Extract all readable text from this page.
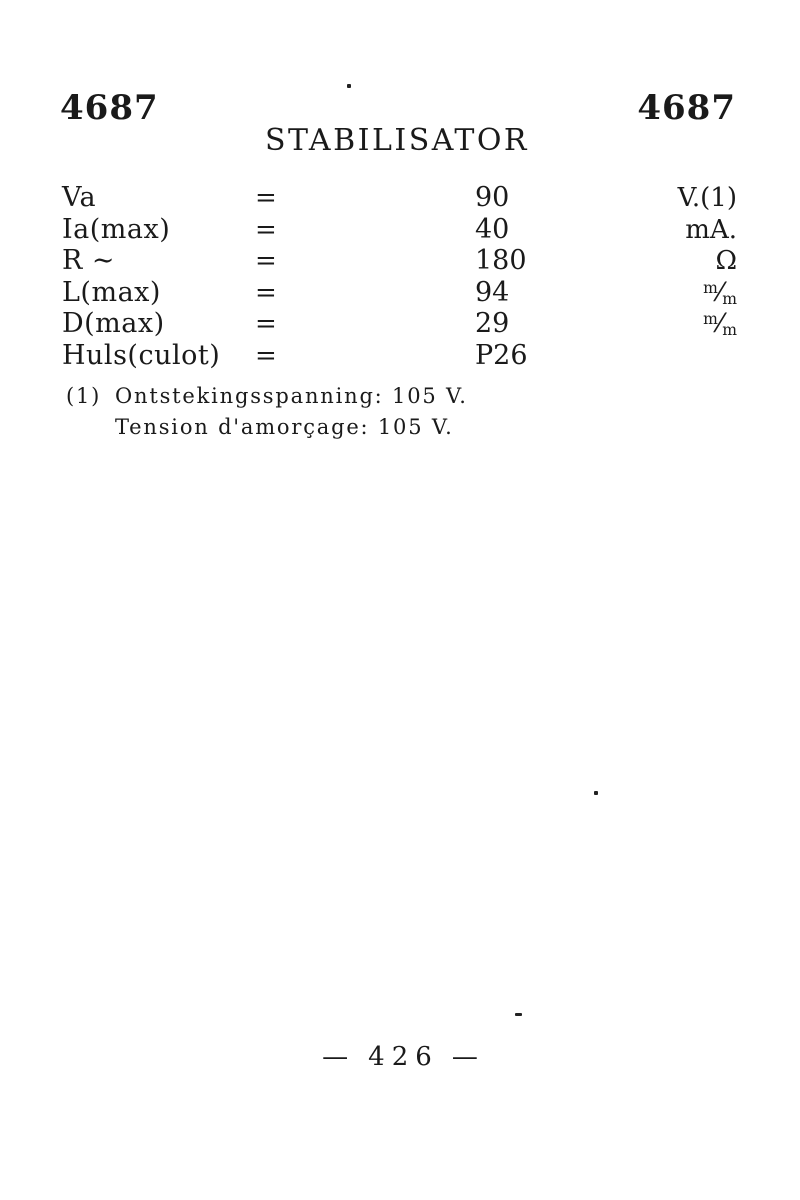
4687	4687
STABILISATOR
Va	=	90	V.(1)
Ia(max)	=	40	mA.
R ∼	=	180	Ω
L(max)	=	94	$^m⁄_m$
D(max)	=	29	$^m⁄_m$
Huls(culot)	=	P26
(1) Ontstekingsspanning: 105 V.
Tension d'amorçage: 105 V.
— 426 —
